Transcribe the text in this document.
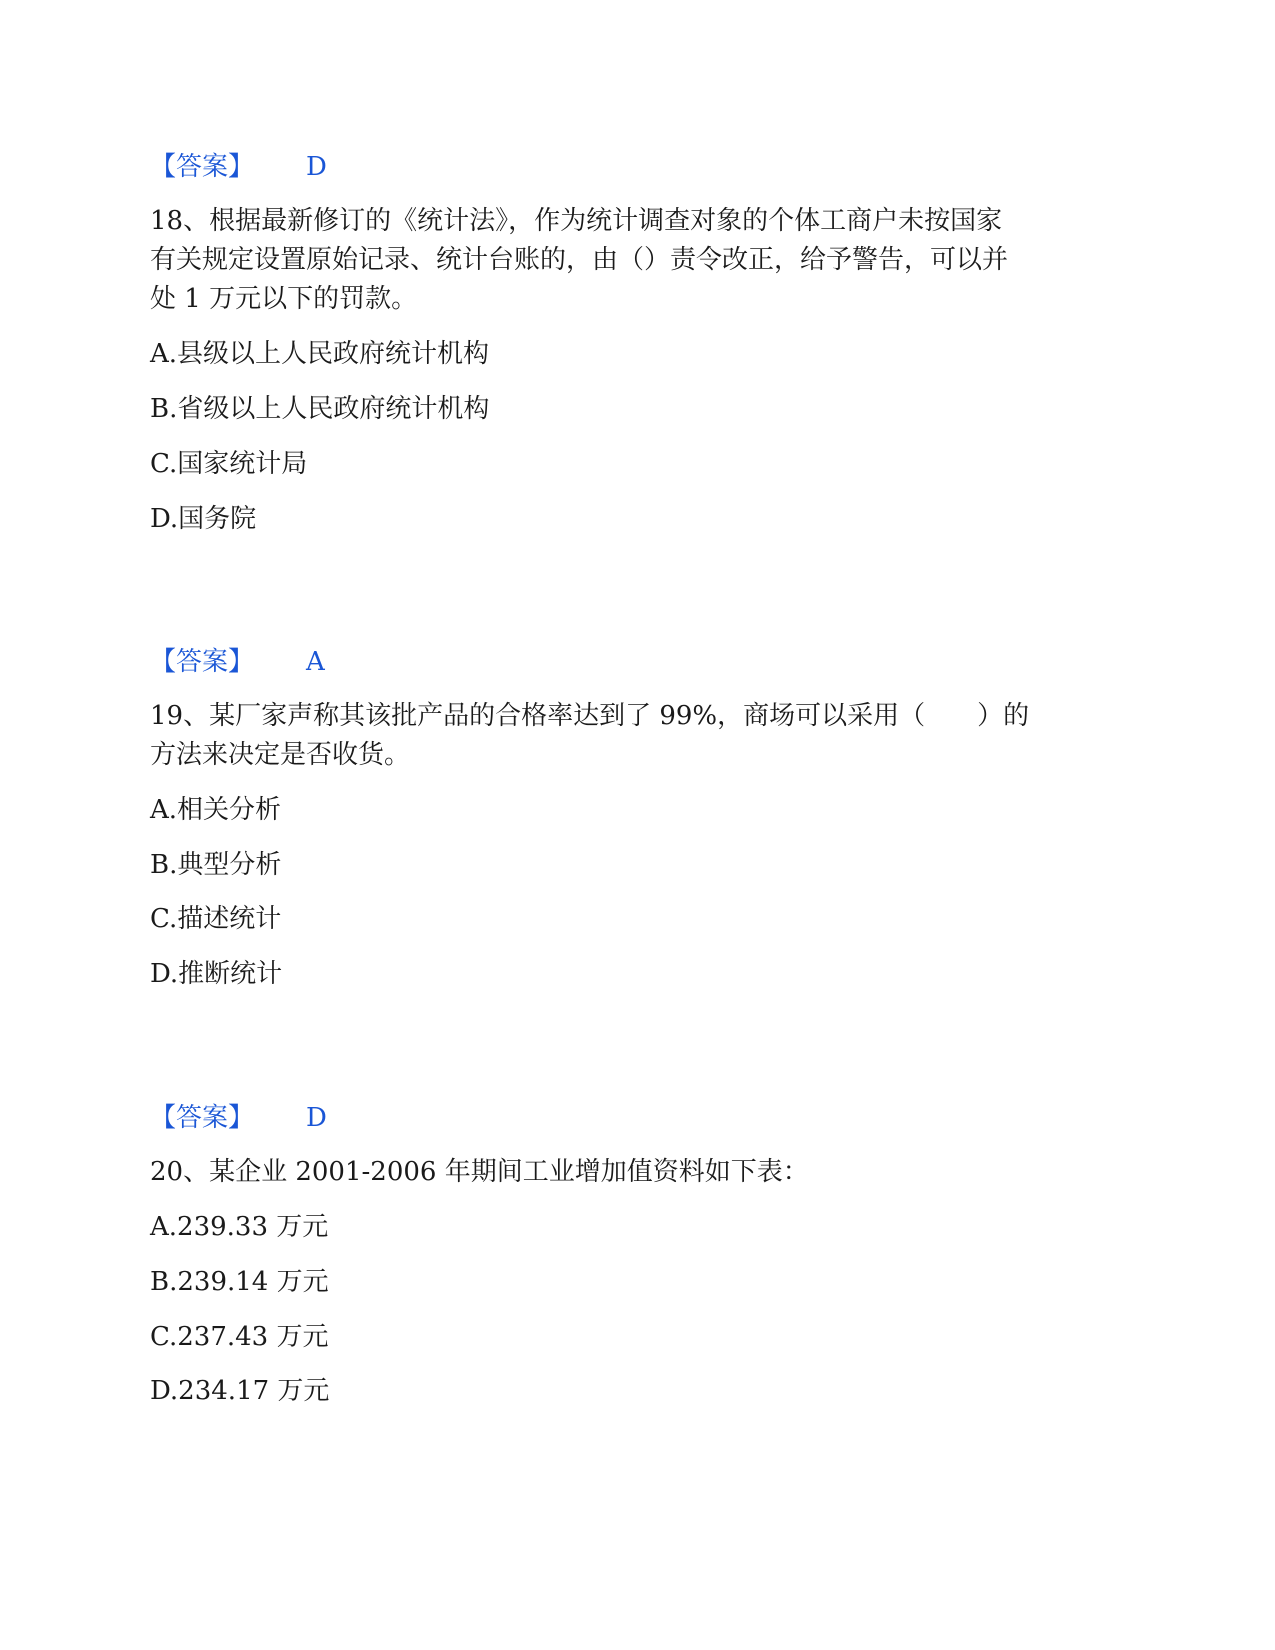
【答案】 D
18、根据最新修订的《统计法》，作为统计调查对象的个体工商户未按国家
有关规定设置原始记录、统计台账的，由（）责令改正，给予警告，可以并
处 1 万元以下的罚款。
A.县级以上人民政府统计机构
B.省级以上人民政府统计机构
C.国家统计局
D.国务院
【答案】 A
19、某厂家声称其该批产品的合格率达到了 99%，商场可以采用（　　）的
方法来决定是否收货。
A.相关分析
B.典型分析
C.描述统计
D.推断统计
【答案】 D
20、某企业 2001-2006 年期间工业增加值资料如下表：
A.239.33 万元
B.239.14 万元
C.237.43 万元
D.234.17 万元
